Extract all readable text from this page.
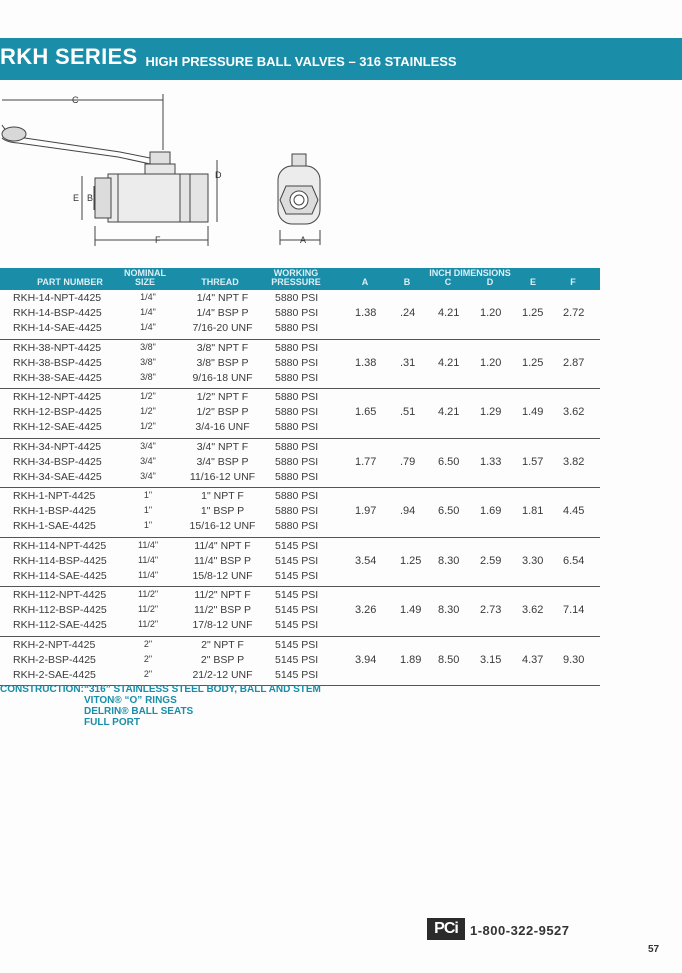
RKH SERIES HIGH PRESSURE BALL VALVES – 316 STAINLESS
C
D
E B
F	A
PART NUMBER
NOMINAL
SIZE	THREAD
WORKING
PRESSURE
INCH DIMENSIONS
A	B	C	D	E	F
RKH-14-NPT-4425	1/4"	1/4" NPT F	5880 PSI
RKH-14-BSP-4425	1/4"	1/4" BSP P	5880 PSI
RKH-14-SAE-4425	1/4"	7/16-20 UNF	5880 PSI
1.38 .24 4.21 1.20 1.25 2.72
RKH-38-NPT-4425	3/8"	3/8" NPT F	5880 PSI
RKH-38-BSP-4425	3/8"	3/8" BSP P	5880 PSI
RKH-38-SAE-4425	3/8"	9/16-18 UNF	5880 PSI
1.38 .31 4.21 1.20 1.25 2.87
RKH-12-NPT-4425	1/2"	1/2" NPT F	5880 PSI
RKH-12-BSP-4425	1/2"	1/2" BSP P	5880 PSI
RKH-12-SAE-4425	1/2"	3/4-16 UNF	5880 PSI
1.65 .51 4.21 1.29 1.49 3.62
RKH-34-NPT-4425	3/4"	3/4" NPT F	5880 PSI
RKH-34-BSP-4425	3/4"	3/4" BSP P	5880 PSI
RKH-34-SAE-4425	3/4"	11/16-12 UNF	5880 PSI
1.77 .79 6.50 1.33 1.57 3.82
RKH-1-NPT-4425	1"	1" NPT F	5880 PSI
RKH-1-BSP-4425	1"	1" BSP P	5880 PSI
RKH-1-SAE-4425	1"	15/16-12 UNF	5880 PSI
1.97 .94 6.50 1.69 1.81 4.45
RKH-114-NPT-4425	11/4"	11/4" NPT F	5145 PSI
RKH-114-BSP-4425	11/4"	11/4" BSP P	5145 PSI
RKH-114-SAE-4425	11/4"	15/8-12 UNF	5145 PSI
3.54 1.25 8.30 2.59 3.30 6.54
RKH-112-NPT-4425	11/2"	11/2" NPT F	5145 PSI
RKH-112-BSP-4425	11/2"	11/2" BSP P	5145 PSI
RKH-112-SAE-4425	11/2"	17/8-12 UNF	5145 PSI
3.26 1.49 8.30 2.73 3.62 7.14
RKH-2-NPT-4425	2"	2" NPT F	5145 PSI
RKH-2-BSP-4425	2"	2" BSP P	5145 PSI
RKH-2-SAE-4425	2"	21/2-12 UNF	5145 PSI
3.94 1.89 8.50 3.15 4.37 9.30
CONSTRUCTION: “316” STAINLESS STEEL BODY, BALL AND STEM
VITON® “O” RINGS
DELRIN® BALL SEATS
FULL PORT
PCi 1-800-322-9527
57
